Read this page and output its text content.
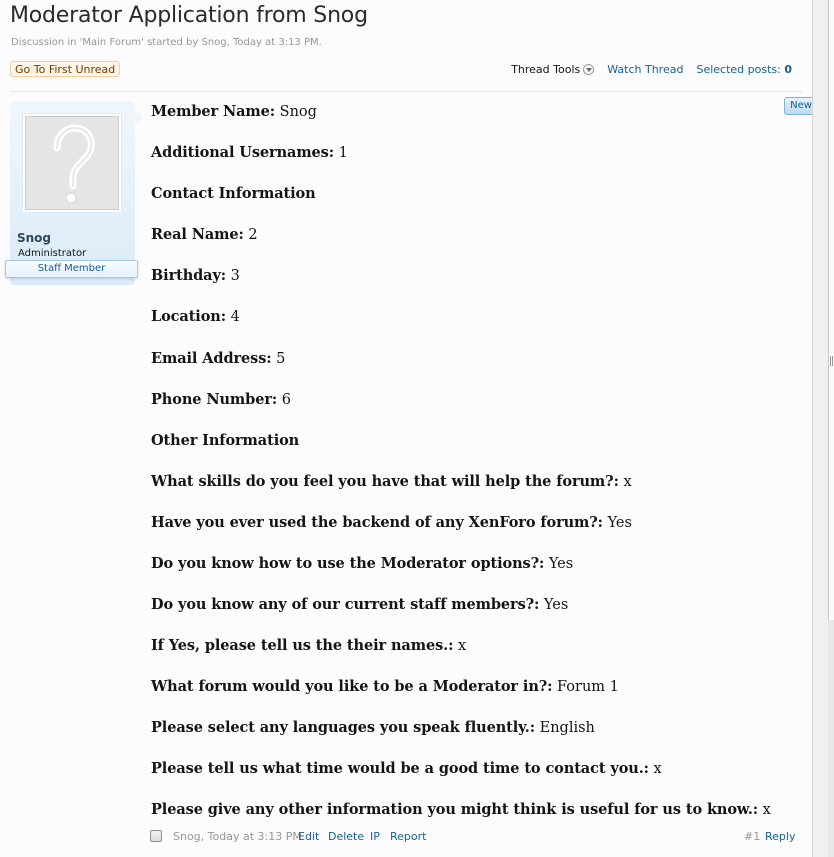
Moderator Application from Snog
Discussion in 'Main Forum' started by Snog, Today at 3:13 PM.
Go To First Unread	Thread Tools Watch Thread Selected posts: 0
Snog
Administrator
Staff Member
New
Member Name: Snog
Additional Usernames: 1
Contact Information
Real Name: 2
Birthday: 3
Location: 4
Email Address: 5
Phone Number: 6
Other Information
What skills do you feel you have that will help the forum?: x
Have you ever used the backend of any XenForo forum?: Yes
Do you know how to use the Moderator options?: Yes
Do you know any of our current staff members?: Yes
If Yes, please tell us the their names.: x
What forum would you like to be a Moderator in?: Forum 1
Please select any languages you speak fluently.: English
Please tell us what time would be a good time to contact you.: x
Please give any other information you might think is useful for us to know.: x
Snog, Today at 3:13 PM
Edit Delete IP Report	#1 Reply
